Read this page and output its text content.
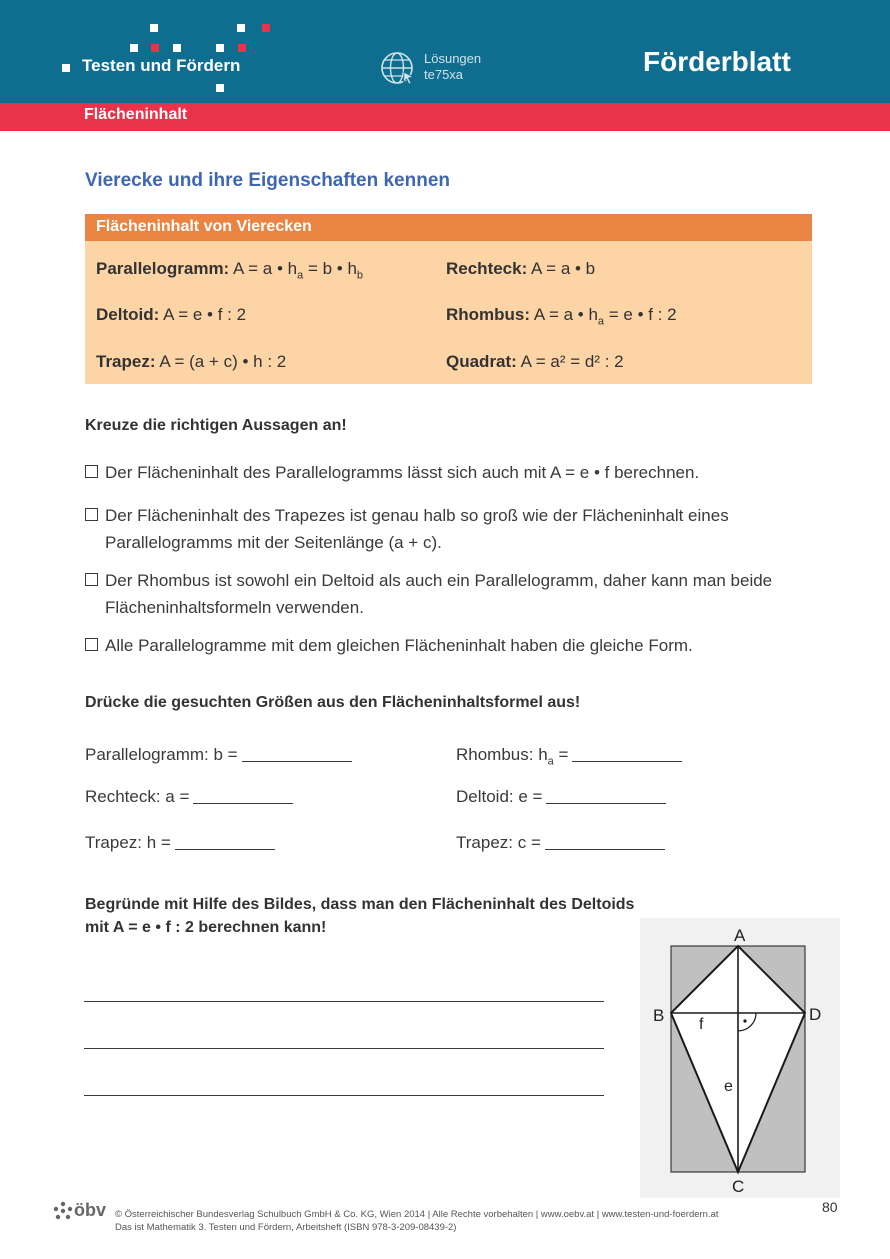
Testen und Fördern	Lösungen
te75xa	Förderblatt
Flächeninhalt
Vierecke und ihre Eigenschaften kennen
Flächeninhalt von Vierecken
Parallelogramm: A = a • $h_a = b$ • $h_b$	Rechteck: A = a • b
Deltoid: A = e • f : 2	Rhombus: A = a • $h_a = e$ • f : 2
Trapez: A = (a + c) • h : 2	Quadrat: A = a² = d² : 2
Kreuze die richtigen Aussagen an!
Der Flächeninhalt des Parallelogramms lässt sich auch mit A = e • f berechnen.
Der Flächeninhalt des Trapezes ist genau halb so groß wie der Flächeninhalt eines
Parallelogramms mit der Seitenlänge (a + c).
Der Rhombus ist sowohl ein Deltoid als auch ein Parallelogramm, daher kann man beide
Flächeninhaltsformeln verwenden.
Alle Parallelogramme mit dem gleichen Flächeninhalt haben die gleiche Form.
Drücke die gesuchten Größen aus den Flächeninhaltsformel aus!
Parallelogramm: b =	Rhombus: $h_a$ =
Rechteck: a =	Deltoid: e =
Trapez: h =	Trapez: c =
Begründe mit Hilfe des Bildes, dass man den Flächeninhalt des Deltoids
mit A = e • f : 2 berechnen kann!	A
B	D
C
f
e
öbv © Österreichischer Bundesverlag Schulbuch GmbH & Co. KG, Wien 2014 | Alle Rechte vorbehalten | www.oebv.at | www.testen-und-foerdern.at
Das ist Mathematik 3. Testen und Fördern, Arbeitsheft (ISBN 978-3-209-08439-2)
80
